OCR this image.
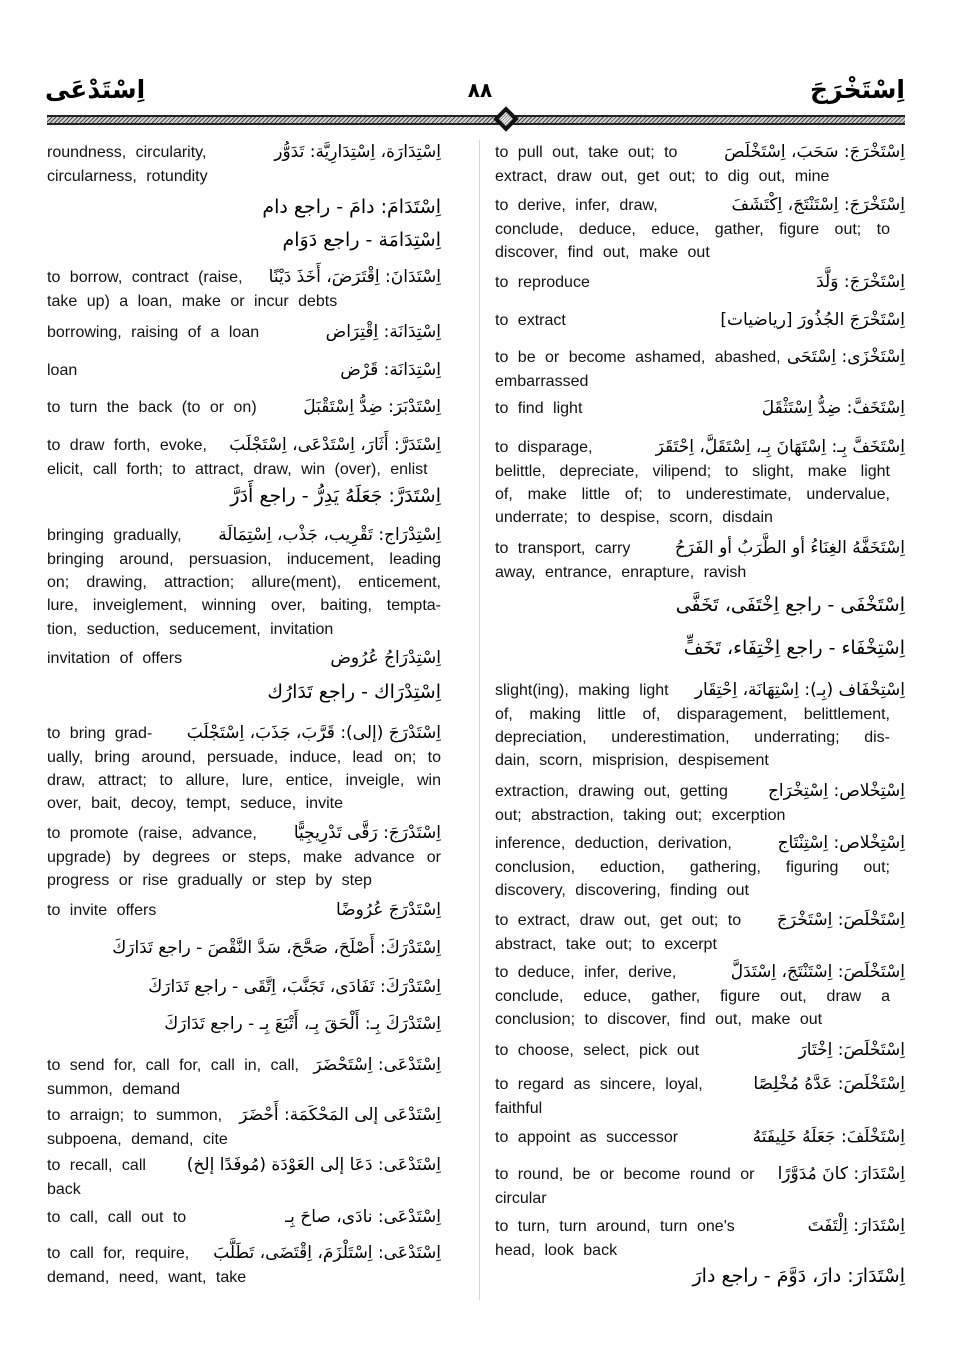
اِسْتَدْعَى	٨٨	اِسْتَخْرَجَ
to pull out, take out; to	اِسْتَخْرَجَ: سَحَبَ، اِسْتَخْلَصَ
extract, draw out, get out; to dig out, mine
to derive, infer, draw,	اِسْتَخْرَجَ: اِسْتَنْتَجَ، اِكْتَشَفَ
conclude, deduce, educe, gather, figure out; to
discover, find out, make out
to reproduce	اِسْتَخْرَجَ: وَلَّدَ
to extract	اِسْتَخْرَجَ الجُذُورَ [رياضيات]
to be or become ashamed, abashed, اِسْتَخْزَى: اِسْتَحَى
embarrassed
to find light	اِسْتَخَفَّ: ضِدُّ اِسْتَثْقَلَ
to disparage,	اِسْتَخَفَّ بِـ: اِسْتَهَانَ بِـ، اِسْتَقَلَّ، اِحْتَقَرَ
belittle, depreciate, vilipend; to slight, make light
of, make little of; to underestimate, undervalue,
underrate; to despise, scorn, disdain
to transport, carry	اِسْتَخَفَّهُ الغِنَاءُ أو الطَّرَبُ أو الفَرَحُ
away, entrance, enrapture, ravish
اِسْتَخْفَى - راجع اِخْتَفَى، تَخَفَّى
اِسْتِخْفَاء - راجع اِخْتِفَاء، تَخَفٍّ
slight(ing), making light اِسْتِخْفَاف (بِـ): اِسْتِهَانَة، اِحْتِقَار
of, making little of, disparagement, belittlement,
depreciation, underestimation, underrating; dis-
dain, scorn, misprision, despisement
extraction, drawing out, getting اِسْتِخْلاص: اِسْتِخْرَاج
out; abstraction, taking out; excerption
inference, deduction, derivation,	اِسْتِخْلاص: اِسْتِنْتَاج
conclusion, eduction, gathering, figuring out;
discovery, discovering, finding out
to extract, draw out, get out; to اِسْتَخْلَصَ: اِسْتَخْرَجَ
abstract, take out; to excerpt
to deduce, infer, derive,	اِسْتَخْلَصَ: اِسْتَنْتَجَ، اِسْتَدَلَّ
conclude, educe, gather, figure out, draw a
conclusion; to discover, find out, make out
to choose, select, pick out	اِسْتَخْلَصَ: اِخْتَارَ
to regard as sincere, loyal,	اِسْتَخْلَصَ: عَدَّهُ مُخْلِصًا
faithful
to appoint as successor	اِسْتَخْلَفَ: جَعَلَهُ خَلِيفَتَهُ
to round, be or become round or اِسْتَدَارَ: كانَ مُدَوَّرًا
circular
to turn, turn around, turn one's	اِسْتَدَارَ: اِلْتَفَتَ
head, look back
اِسْتَدَارَ: دارَ، دَوَّمَ - راجع دارَ
roundness, circularity,	اِسْتِدَارَة، اِسْتِدَارِيَّة: تَدَوُّر
circularness, rotundity
اِسْتَدَامَ: دامَ - راجع دام
اِسْتِدَامَة - راجع دَوَام
to borrow, contract (raise, اِسْتَدَانَ: اِقْتَرَضَ، أَخَذَ دَيْنًا
take up) a loan, make or incur debts
borrowing, raising of a loan	اِسْتِدَانَة: اِقْتِرَاض
loan	اِسْتِدَانَة: قَرْض
to turn the back (to or on)	اِسْتَدْبَرَ: ضِدُّ اِسْتَقْبَلَ
to draw forth, evoke, اِسْتَدَرَّ: أَثَارَ، اِسْتَدْعَى، اِسْتَجْلَبَ
elicit, call forth; to attract, draw, win (over), enlist
اِسْتَدَرَّ: جَعَلَهُ يَدِرُّ - راجع أَدَرَّ
bringing gradually, اِسْتِدْرَاج: تَقْرِيب، جَذْب، اِسْتِمَالَة
bringing around, persuasion, inducement, leading
on; drawing, attraction; allure(ment), enticement,
lure, inveiglement, winning over, baiting, tempta-
tion, seduction, seducement, invitation
invitation of offers	اِسْتِدْرَاجُ عُرُوض
اِسْتِدْرَاك - راجع تَدَارُك
to bring grad- اِسْتَدْرَجَ (إلى): قَرَّبَ، جَذَبَ، اِسْتَجْلَبَ
ually, bring around, persuade, induce, lead on; to
draw, attract; to allure, lure, entice, inveigle, win
over, bait, decoy, tempt, seduce, invite
to promote (raise, advance, اِسْتَدْرَجَ: رَقَّى تَدْرِيجِيًّا
upgrade) by degrees or steps, make advance or
progress or rise gradually or step by step
to invite offers	اِسْتَدْرَجَ عُرُوضًا
اِسْتَدْرَكَ: أَصْلَحَ، صَحَّحَ، سَدَّ النَّقْصَ - راجع تَدَارَكَ
اِسْتَدْرَكَ: تَفَادَى، تَجَنَّبَ، اِتَّقَى - راجع تَدَارَكَ
اِسْتَدْرَكَ بِـ: أَلْحَقَ بِـ، أَتْبَعَ بِـ - راجع تَدَارَكَ
to send for, call for, call in, call, اِسْتَدْعَى: اِسْتَحْضَرَ
summon, demand
to arraign; to summon, اِسْتَدْعَى إلى المَحْكَمَة: أَحْضَرَ
subpoena, demand, cite
to recall, call اِسْتَدْعَى: دَعَا إلى العَوْدَة (مُوفَدًا إلخ)
back
to call, call out to	اِسْتَدْعَى: نادَى، صاحَ بِـ
to call for, require, اِسْتَدْعَى: اِسْتَلْزَمَ، اِقْتَضَى، تَطَلَّبَ
demand, need, want, take
